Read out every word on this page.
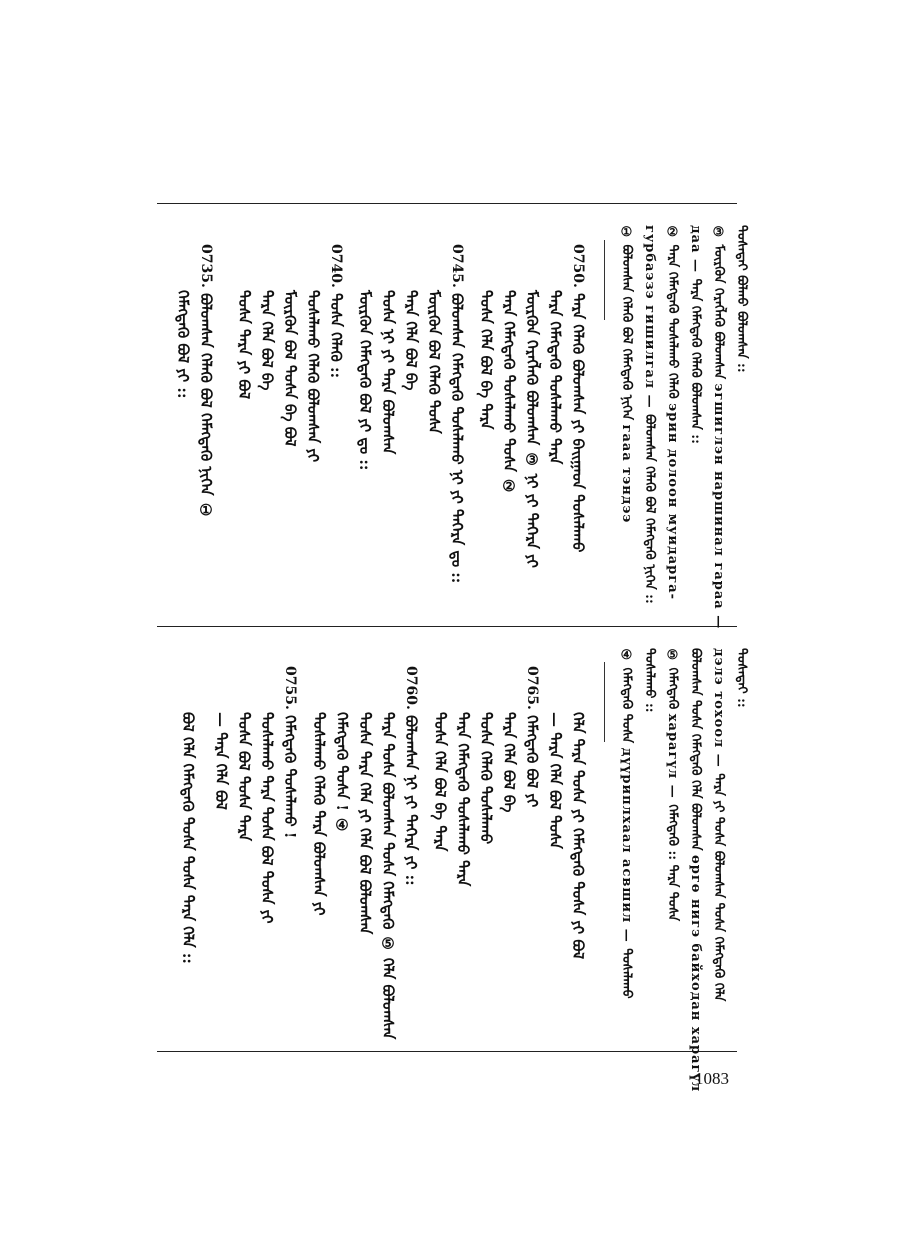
ᠲᠤᠰᠠᠲᠠᠢ ᠪᠣᠯᠬᠤ ᠪᠤᠯᠤᠭᠰᠠᠨ ::
③ ᠮᠥᠷᠭᠥᠨ ᠬᠡᠷᠡᠭᠯᠡᠬᠦ ᠪᠤᠯᠤᠭᠰᠠᠨ эгшиглэн наршинал гараа —
даа — ᠲᠡᠷᠡ ᠬᠡᠮᠡᠭᠳᠡᠬᠦ ᠬᠡᠯᠡᠬᠦ ᠪᠤᠯᠤᠭᠰᠠᠨ ::
② ᠲᠡᠷᠡ ᠬᠡᠮᠡᠭᠳᠡᠬᠦ ᠲᠤᠰᠠᠯᠠᠬᠤ ᠬᠡᠯᠡᠬᠦ эрин долоон муидарга-
гурбаэзэ гишилгал — ᠪᠤᠯᠤᠭᠰᠠᠨ ᠬᠡᠯᠡᠬᠦ ᠪᠣᠯ ᠬᠡᠮᠡᠭᠳᠡᠬᠦ ᠨᠢᠭᠡᠨ ::
① ᠪᠤᠯᠤᠭᠰᠠᠨ ᠬᠡᠯᠡᠬᠦ ᠪᠣᠯ ᠬᠡᠮᠡᠭᠳᠡᠬᠦ ᠨᠢᠭᠡᠨ гааа тэндээ
0750. ᠲᠡᠷᠡ ᠬᠡᠯᠡᠬᠦ ᠪᠤᠯᠤᠭᠰᠠᠨ ᠶᠢ ᠪᠠᠢᠭᠠᠳ ᠲᠤᠰᠠᠯᠠᠬᠤ
ᠲᠡᠷᠡ ᠬᠡᠮᠡᠭᠳᠡᠬᠦ ᠲᠤᠰᠠᠯᠠᠬᠤ ᠲᠡᠷᠡ
ᠮᠥᠷᠭᠥᠨ ᠬᠡᠷᠡᠭᠯᠡᠬᠦ ᠪᠤᠯᠤᠭᠰᠠᠨ ③ ᠨᠢ ᠶᠢ ᠳᠡᠭᠡᠷᠡ ᠶᠢ
ᠲᠡᠷᠡ ᠬᠡᠮᠡᠭᠳᠡᠬᠦ ᠲᠤᠰᠠᠯᠠᠬᠤ ᠲᠤᠰᠠ ②
ᠲᠤᠰᠠ ᠬᠡᠯᠡ ᠪᠣᠯ ᠪᠠ ᠲᠡᠷᠡ
0745. ᠪᠣᠯᠤᠭᠰᠠᠨ ᠬᠡᠮᠡᠭᠳᠡᠬᠦ ᠲᠤᠰᠠᠯᠠᠬᠤ ᠨᠢ ᠶᠢ ᠳᠡᠭᠡᠷᠡ ᠳᠤ ::
ᠮᠥᠷᠭᠥᠨ ᠪᠣᠯ ᠬᠡᠯᠡᠬᠦ ᠲᠤᠰᠠ
ᠲᠡᠷᠡ ᠬᠡᠯᠡ ᠪᠣᠯ ᠪᠠ
ᠲᠤᠰᠠ ᠨᠢ ᠶᠢ ᠲᠡᠷᠡ ᠪᠤᠯᠤᠭᠰᠠᠨ
ᠮᠥᠷᠭᠥᠨ ᠬᠡᠮᠡᠭᠳᠡᠬᠦ ᠪᠣᠯ ᠶᠢ ᠳᠤ ::
0740. ᠲᠤᠰᠠ ᠬᠡᠯᠡᠬᠦ ::
ᠲᠤᠰᠠᠯᠠᠬᠤ ᠬᠡᠯᠡᠬᠦ ᠪᠤᠯᠤᠭᠰᠠᠨ ᠶᠢ
ᠮᠥᠷᠭᠥᠨ ᠪᠣᠯ ᠲᠤᠰᠠ ᠪᠠ ᠪᠣᠯ
ᠲᠡᠷᠡ ᠬᠡᠯᠡ ᠪᠣᠯ ᠪᠠ
ᠲᠤᠰᠠ ᠲᠡᠷᠡ ᠶᠢ ᠪᠣᠯ
0735. ᠪᠤᠯᠤᠭᠰᠠᠨ ᠬᠡᠯᠡᠬᠦ ᠪᠣᠯ ᠬᠡᠮᠡᠭᠳᠡᠬᠦ ᠨᠢᠭᠡᠨ ①
ᠬᠡᠮᠡᠭᠳᠡᠬᠦ ᠪᠣᠯ ᠶᠢ ::
ᠲᠤᠰᠠᠲᠠᠢ ::
дэлэ тохоол — ᠲᠡᠷᠡ ᠶᠢ ᠲᠤᠰᠠ ᠪᠣᠯᠤᠭᠰᠠᠨ ᠲᠤᠰᠠ ᠬᠡᠮᠡᠭᠳᠡᠬᠦ ᠬᠡᠯᠡ
ᠪᠣᠯᠤᠭᠰᠠᠨ ᠲᠤᠰᠠ ᠬᠡᠮᠡᠭᠳᠡᠬᠦ ᠬᠡᠯᠡ ᠪᠣᠯᠤᠭᠰᠠᠨ өргө нигэ байходан харагүл
⑤ ᠬᠡᠮᠡᠭᠳᠡᠬᠦ харагүл — ᠬᠡᠮᠡᠭᠳᠡᠬᠦ :: ᠲᠡᠷᠡ ᠲᠤᠰᠠ
ᠲᠤᠰᠠᠯᠠᠬᠤ ::
④ ᠬᠡᠮᠡᠭᠳᠡᠬᠦ ᠲᠤᠰᠠ дүүриплхаал асвшил — ᠲᠤᠰᠠᠯᠠᠬᠤ
ᠬᠡᠯᠡ ᠲᠡᠷᠡ ᠲᠤᠰᠠ ᠶᠢ ᠬᠡᠮᠡᠭᠳᠡᠬᠦ ᠲᠤᠰᠠ ᠶᠢ ᠪᠣᠯ
— ᠲᠡᠷᠡ ᠬᠡᠯᠡ ᠪᠣᠯ ᠲᠤᠰᠠ
0765. ᠬᠡᠮᠡᠭᠳᠡᠬᠦ ᠪᠣᠯ ᠶᠢ
ᠲᠡᠷᠡ ᠬᠡᠯᠡ ᠪᠣᠯ ᠪᠠ
ᠲᠤᠰᠠ ᠬᠡᠯᠡᠬᠦ ᠲᠤᠰᠠᠯᠠᠬᠤ
ᠲᠡᠷᠡ ᠬᠡᠮᠡᠭᠳᠡᠬᠦ ᠲᠤᠰᠠᠯᠠᠬᠤ ᠲᠡᠷᠡ
ᠲᠤᠰᠠ ᠬᠡᠯᠡ ᠪᠣᠯ ᠪᠠ ᠲᠡᠷᠡ
0760. ᠪᠣᠯᠤᠭᠰᠠᠨ ᠨᠢ ᠶᠢ ᠳᠡᠭᠡᠷᠡ ᠶᠢ ::
ᠲᠡᠷᠡ ᠲᠤᠰᠠ ᠪᠣᠯᠤᠭᠰᠠᠨ ᠲᠤᠰᠠ ᠬᠡᠮᠡᠭᠳᠡᠬᠦ ⑤ ᠬᠡᠯᠡ ᠪᠣᠯᠤᠭᠰᠠᠨ
ᠲᠤᠰᠠ ᠲᠡᠷᠡ ᠬᠡᠯᠡ ᠶᠢ ᠬᠡᠯᠡ ᠪᠣᠯ ᠪᠣᠯᠤᠭᠰᠠᠨ
ᠬᠡᠮᠡᠭᠳᠡᠬᠦ ᠲᠤᠰᠠ ! ④
ᠲᠤᠰᠠᠯᠠᠬᠤ ᠬᠡᠯᠡᠬᠦ ᠲᠡᠷᠡ ᠪᠣᠯᠤᠭᠰᠠᠨ ᠶᠢ
0755. ᠬᠡᠮᠡᠭᠳᠡᠬᠦ ᠲᠤᠰᠠᠯᠠᠬᠤ !
ᠲᠤᠰᠠᠯᠠᠬᠤ ᠲᠡᠷᠡ ᠲᠤᠰᠠ ᠪᠣᠯ ᠲᠤᠰᠠ ᠶᠢ
ᠲᠤᠰᠠ ᠪᠣᠯ ᠲᠤᠰᠠ ᠲᠡᠷᠡ
— ᠲᠡᠷᠡ ᠬᠡᠯᠡ ᠪᠣᠯ
ᠪᠣᠯ ᠬᠡᠯᠡ ᠬᠡᠮᠡᠭᠳᠡᠬᠦ ᠲᠤᠰᠠ ᠲᠤᠰᠠ ᠲᠡᠷᠡ ᠬᠡᠯᠡ ::
1083
